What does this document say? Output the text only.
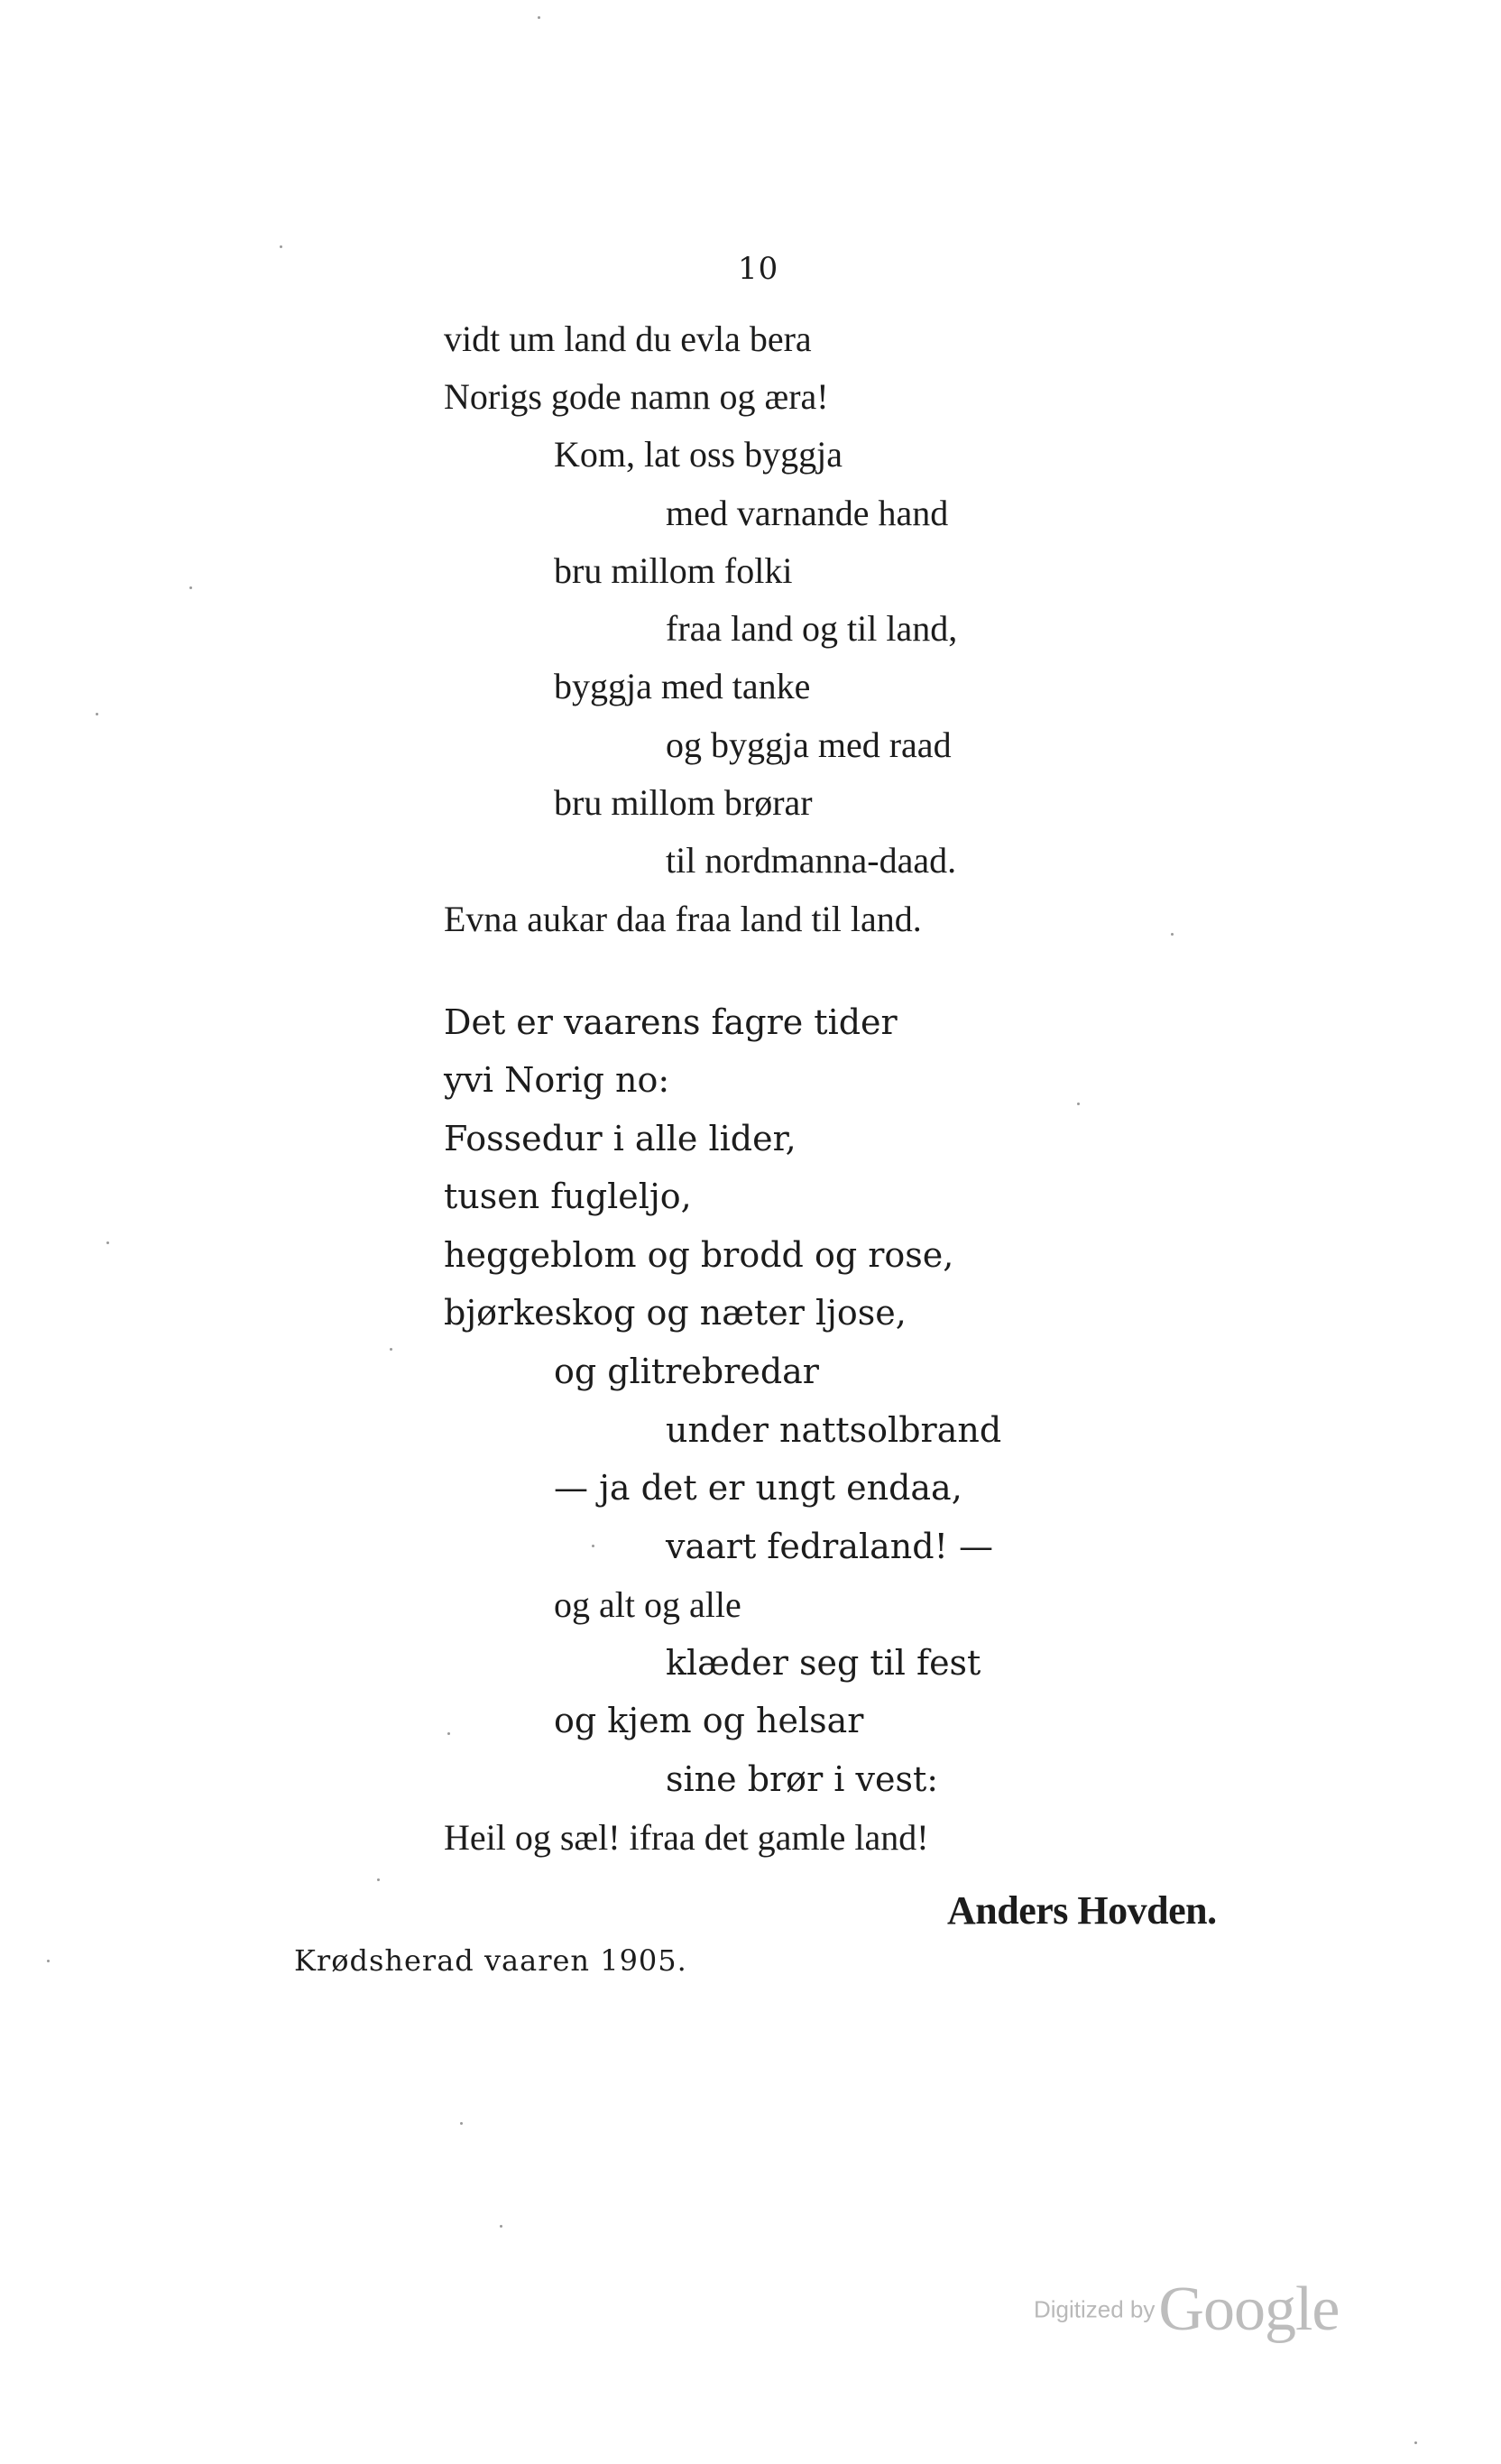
10
vidt um land du evla bera
Norigs gode namn og æra!
Kom, lat oss byggja
med varnande hand
bru millom folki
fraa land og til land,
byggja med tanke
og byggja med raad
bru millom brørar
til nordmanna-daad.
Evna aukar daa fraa land til land.
Det er vaarens fagre tider
yvi Norig no:
Fossedur i alle lider,
tusen fugleljo,
heggeblom og brodd og rose,
bjørkeskog og næter ljose,
og glitrebredar
under nattsolbrand
— ja det er ungt endaa,
vaart fedraland! —
og alt og alle
klæder seg til fest
og kjem og helsar
sine brør i vest:
Heil og sæl! ifraa det gamle land!
Anders Hovden.
Krødsherad vaaren 1905.
Digitized by Google
